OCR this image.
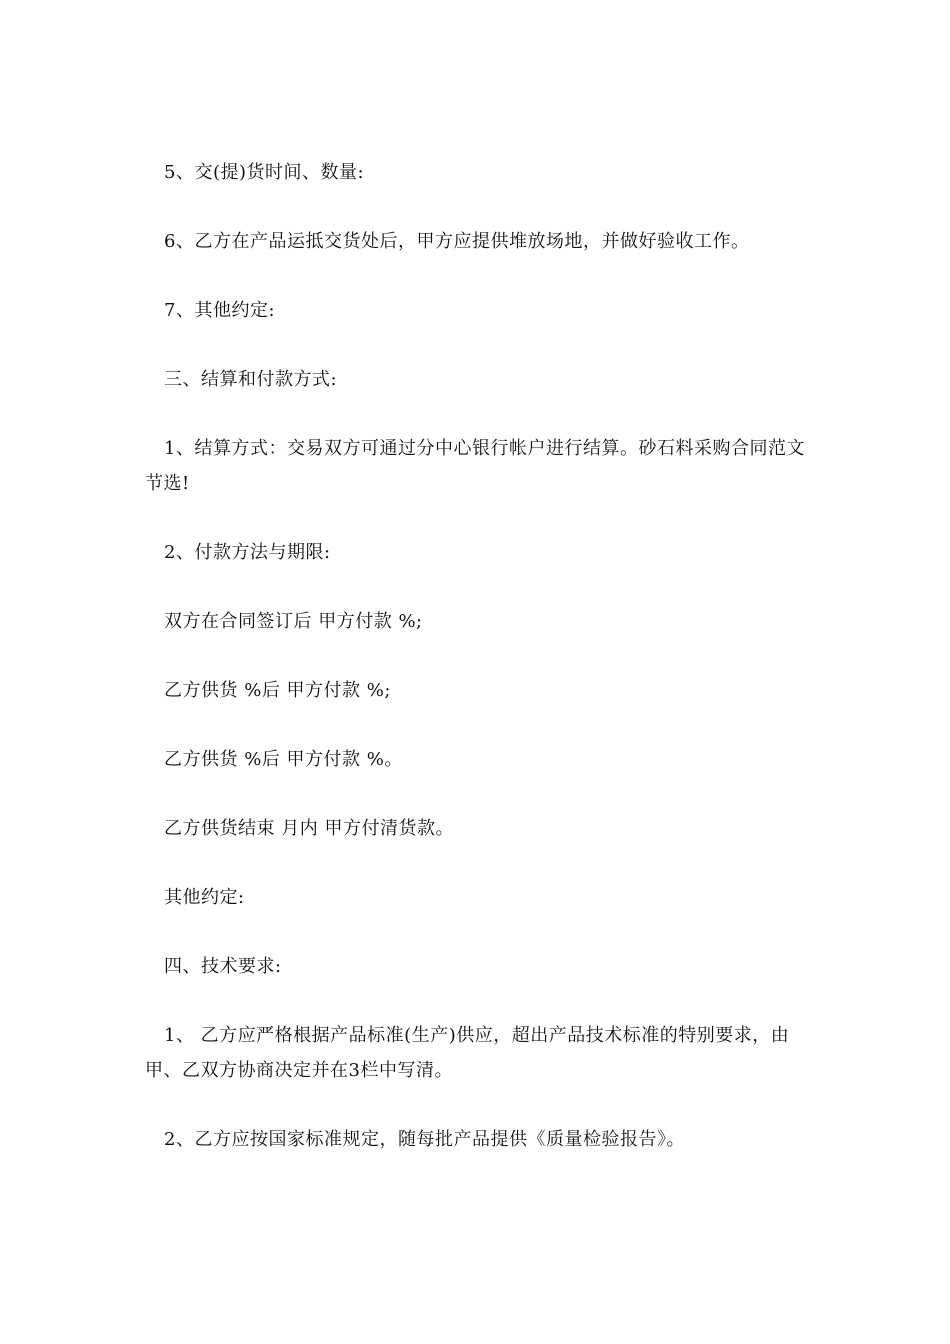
5、交(提)货时间、数量:

6、乙方在产品运抵交货处后，甲方应提供堆放场地，并做好验收工作。

7、其他约定:

三、结算和付款方式:

1、结算方式：交易双方可通过分中心银行帐户进行结算。砂石料采购合同范文节选!

2、付款方法与期限:

双方在合同签订后 甲方付款 %;

乙方供货 %后 甲方付款 %;

乙方供货 %后 甲方付款 %。

乙方供货结束 月内 甲方付清货款。

其他约定:

四、技术要求:

1、 乙方应严格根据产品标准(生产)供应，超出产品技术标准的特别要求，由甲、乙双方协商决定并在3栏中写清。

2、乙方应按国家标准规定，随每批产品提供《质量检验报告》。
